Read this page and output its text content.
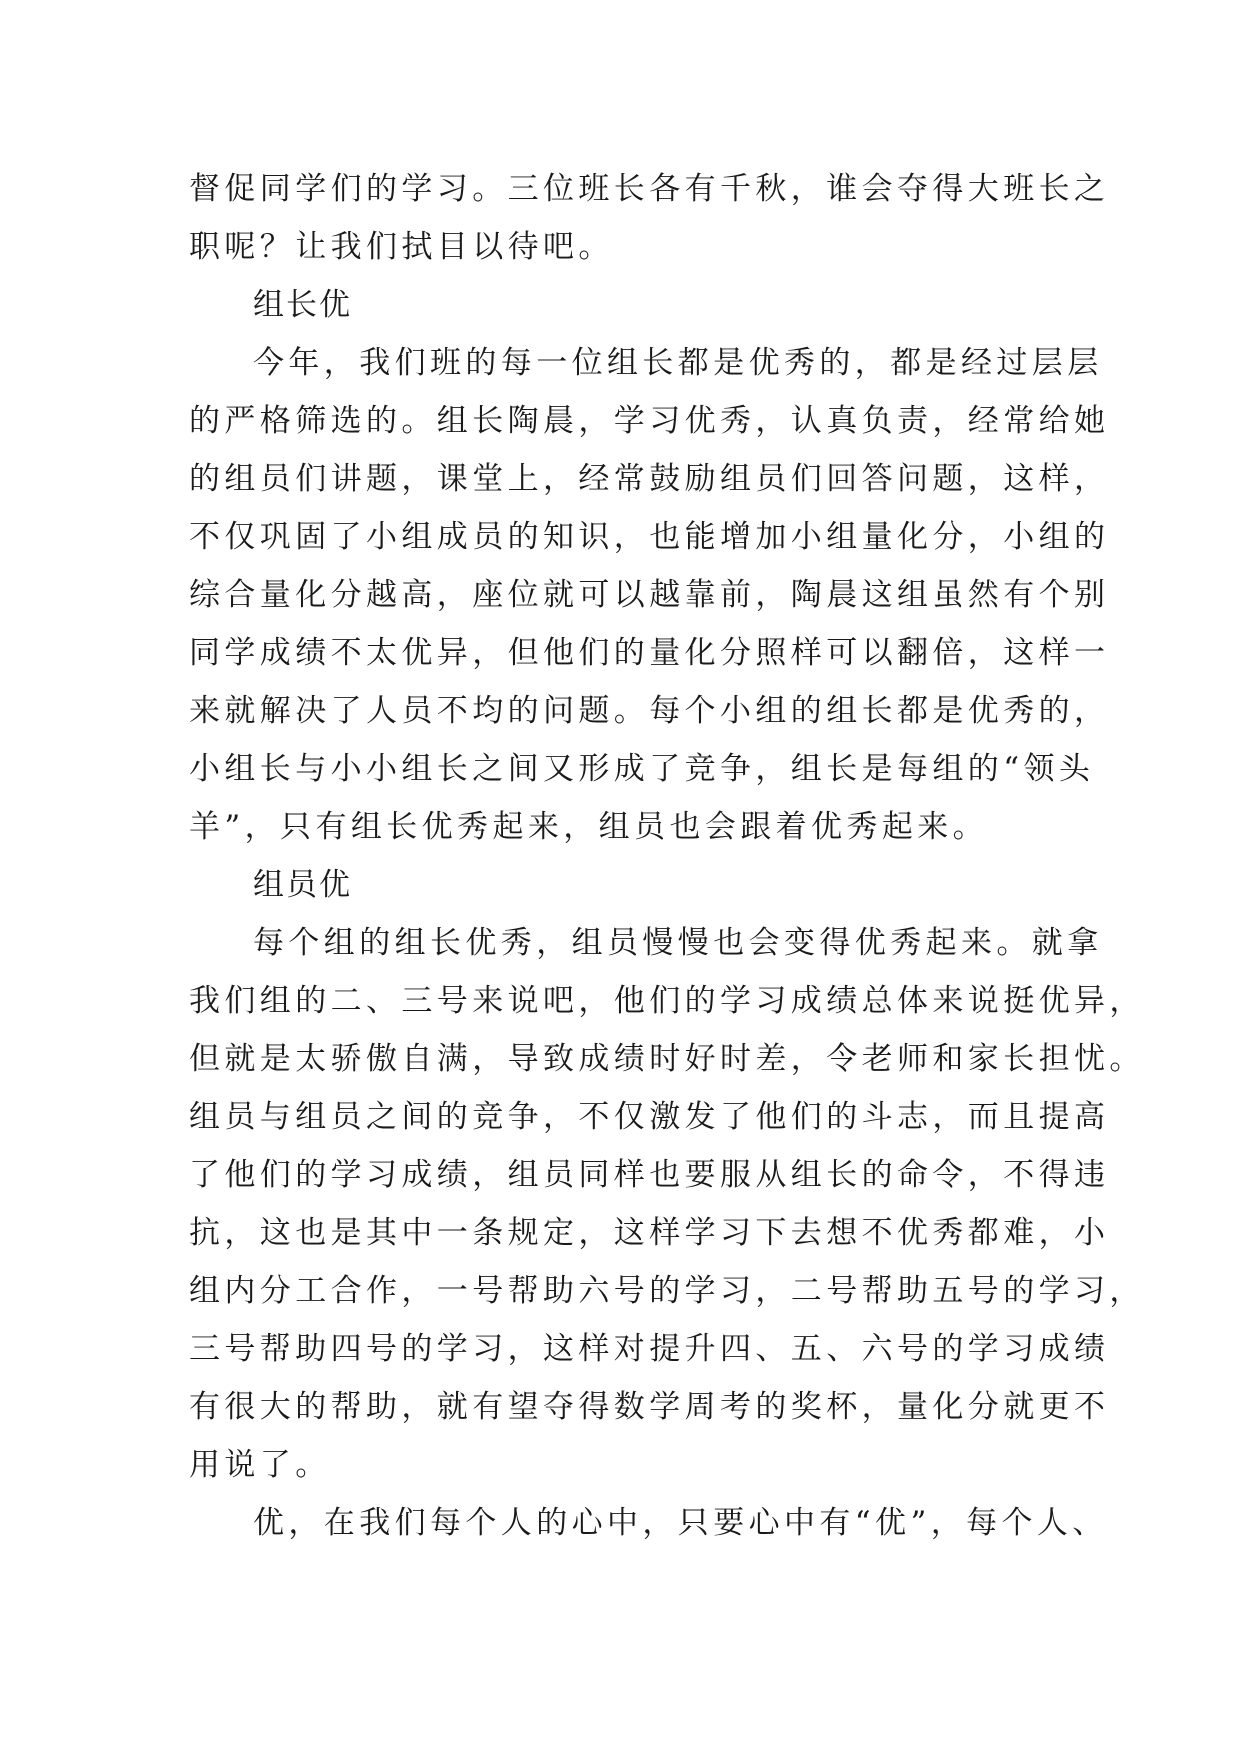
督促同学们的学习。三位班长各有千秋，谁会夺得大班长之
职呢？让我们拭目以待吧。
组长优
今年，我们班的每一位组长都是优秀的，都是经过层层
的严格筛选的。组长陶晨，学习优秀，认真负责，经常给她
的组员们讲题，课堂上，经常鼓励组员们回答问题，这样，
不仅巩固了小组成员的知识，也能增加小组量化分，小组的
综合量化分越高，座位就可以越靠前，陶晨这组虽然有个别
同学成绩不太优异，但他们的量化分照样可以翻倍，这样一
来就解决了人员不均的问题。每个小组的组长都是优秀的，
小组长与小小组长之间又形成了竞争，组长是每组的“领头
羊”，只有组长优秀起来，组员也会跟着优秀起来。
组员优
每个组的组长优秀，组员慢慢也会变得优秀起来。就拿
我们组的二、三号来说吧，他们的学习成绩总体来说挺优异，
但就是太骄傲自满，导致成绩时好时差，令老师和家长担忧。
组员与组员之间的竞争，不仅激发了他们的斗志，而且提高
了他们的学习成绩，组员同样也要服从组长的命令，不得违
抗，这也是其中一条规定，这样学习下去想不优秀都难，小
组内分工合作，一号帮助六号的学习，二号帮助五号的学习，
三号帮助四号的学习，这样对提升四、五、六号的学习成绩
有很大的帮助，就有望夺得数学周考的奖杯，量化分就更不
用说了。
优，在我们每个人的心中，只要心中有“优”，每个人、
